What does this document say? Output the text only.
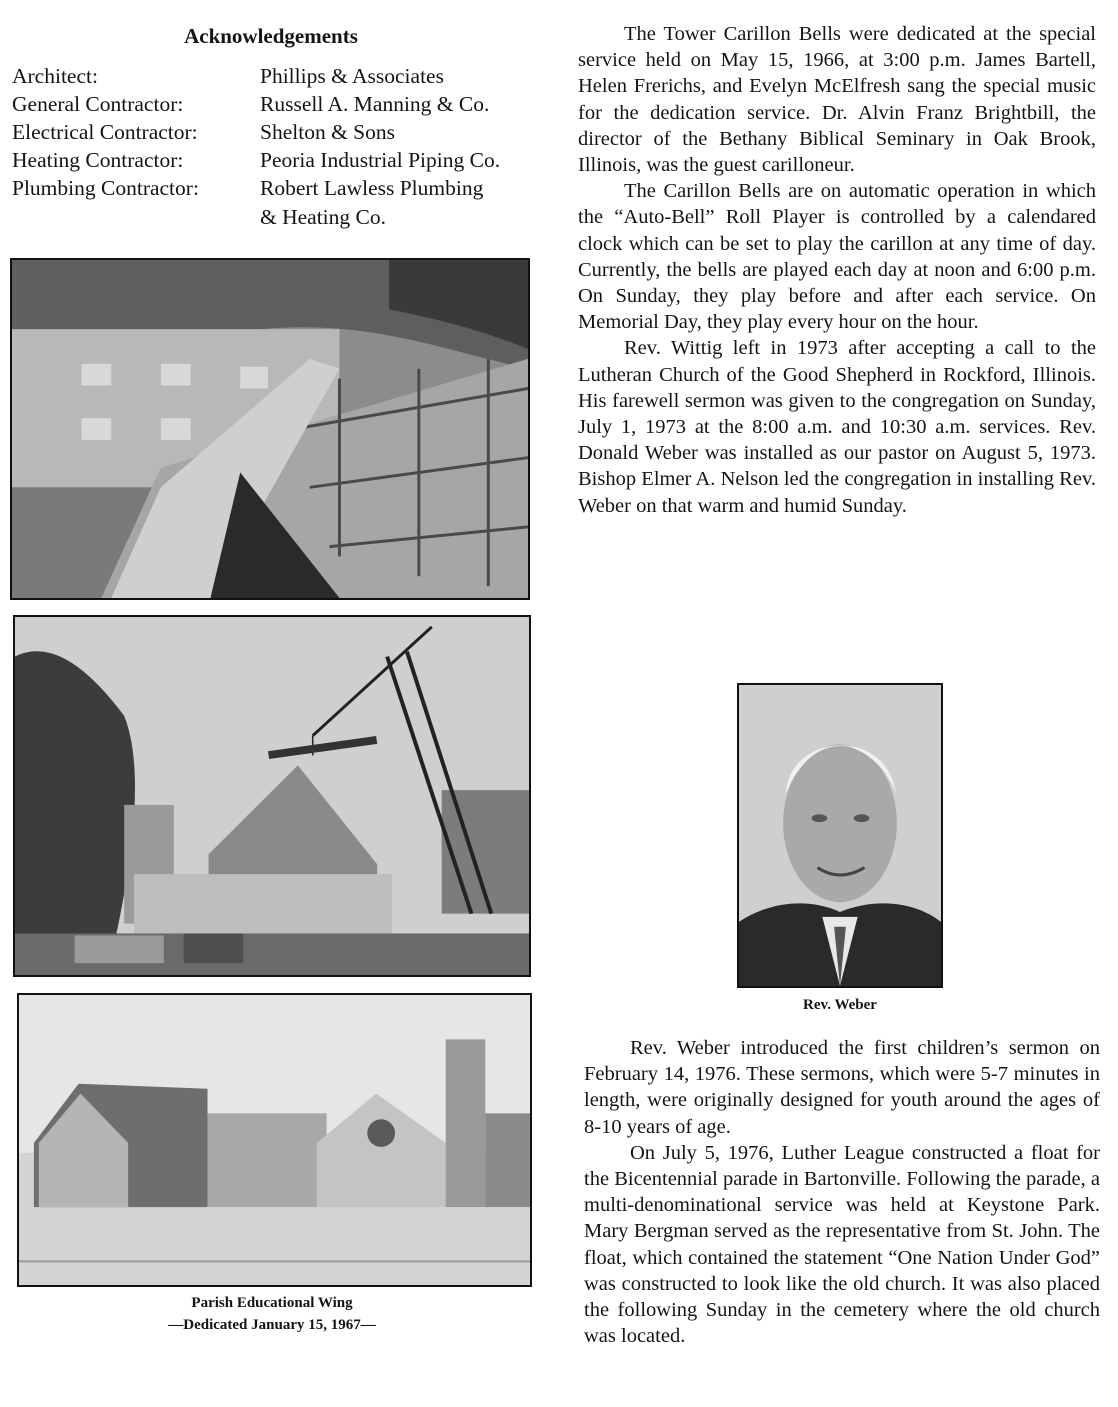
Acknowledgements
Architect:	Phillips & Associates
General Contractor:	Russell A. Manning & Co.
Electrical Contractor:	Shelton & Sons
Heating Contractor:	Peoria Industrial Piping Co.
Plumbing Contractor:	Robert Lawless Plumbing
& Heating Co.
Parish Educational Wing
—Dedicated January 15, 1967—

The Tower Carillon Bells were dedicated at the special service held on May 15, 1966, at 3:00 p.m. James Bartell, Helen Frerichs, and Evelyn McElfresh sang the special music for the dedication service. Dr. Alvin Franz Brightbill, the director of the Bethany Biblical Seminary in Oak Brook, Illinois, was the guest carilloneur.

The Carillon Bells are on automatic operation in which the “Auto-Bell” Roll Player is controlled by a calendared clock which can be set to play the carillon at any time of day. Currently, the bells are played each day at noon and 6:00 p.m. On Sunday, they play before and after each service. On Memorial Day, they play every hour on the hour.

Rev. Wittig left in 1973 after accepting a call to the Lutheran Church of the Good Shepherd in Rockford, Illinois. His farewell sermon was given to the congregation on Sunday, July 1, 1973 at the 8:00 a.m. and 10:30 a.m. services. Rev. Donald Weber was installed as our pastor on August 5, 1973. Bishop Elmer A. Nelson led the congregation in installing Rev. Weber on that warm and humid Sunday.

Rev. Weber

Rev. Weber introduced the first children’s sermon on February 14, 1976. These sermons, which were 5-7 minutes in length, were originally designed for youth around the ages of 8-10 years of age.

On July 5, 1976, Luther League constructed a float for the Bicentennial parade in Bartonville. Following the parade, a multi-denominational service was held at Keystone Park. Mary Bergman served as the representative from St. John. The float, which contained the statement “One Nation Under God” was constructed to look like the old church. It was also placed the following Sunday in the cemetery where the old church was located.
